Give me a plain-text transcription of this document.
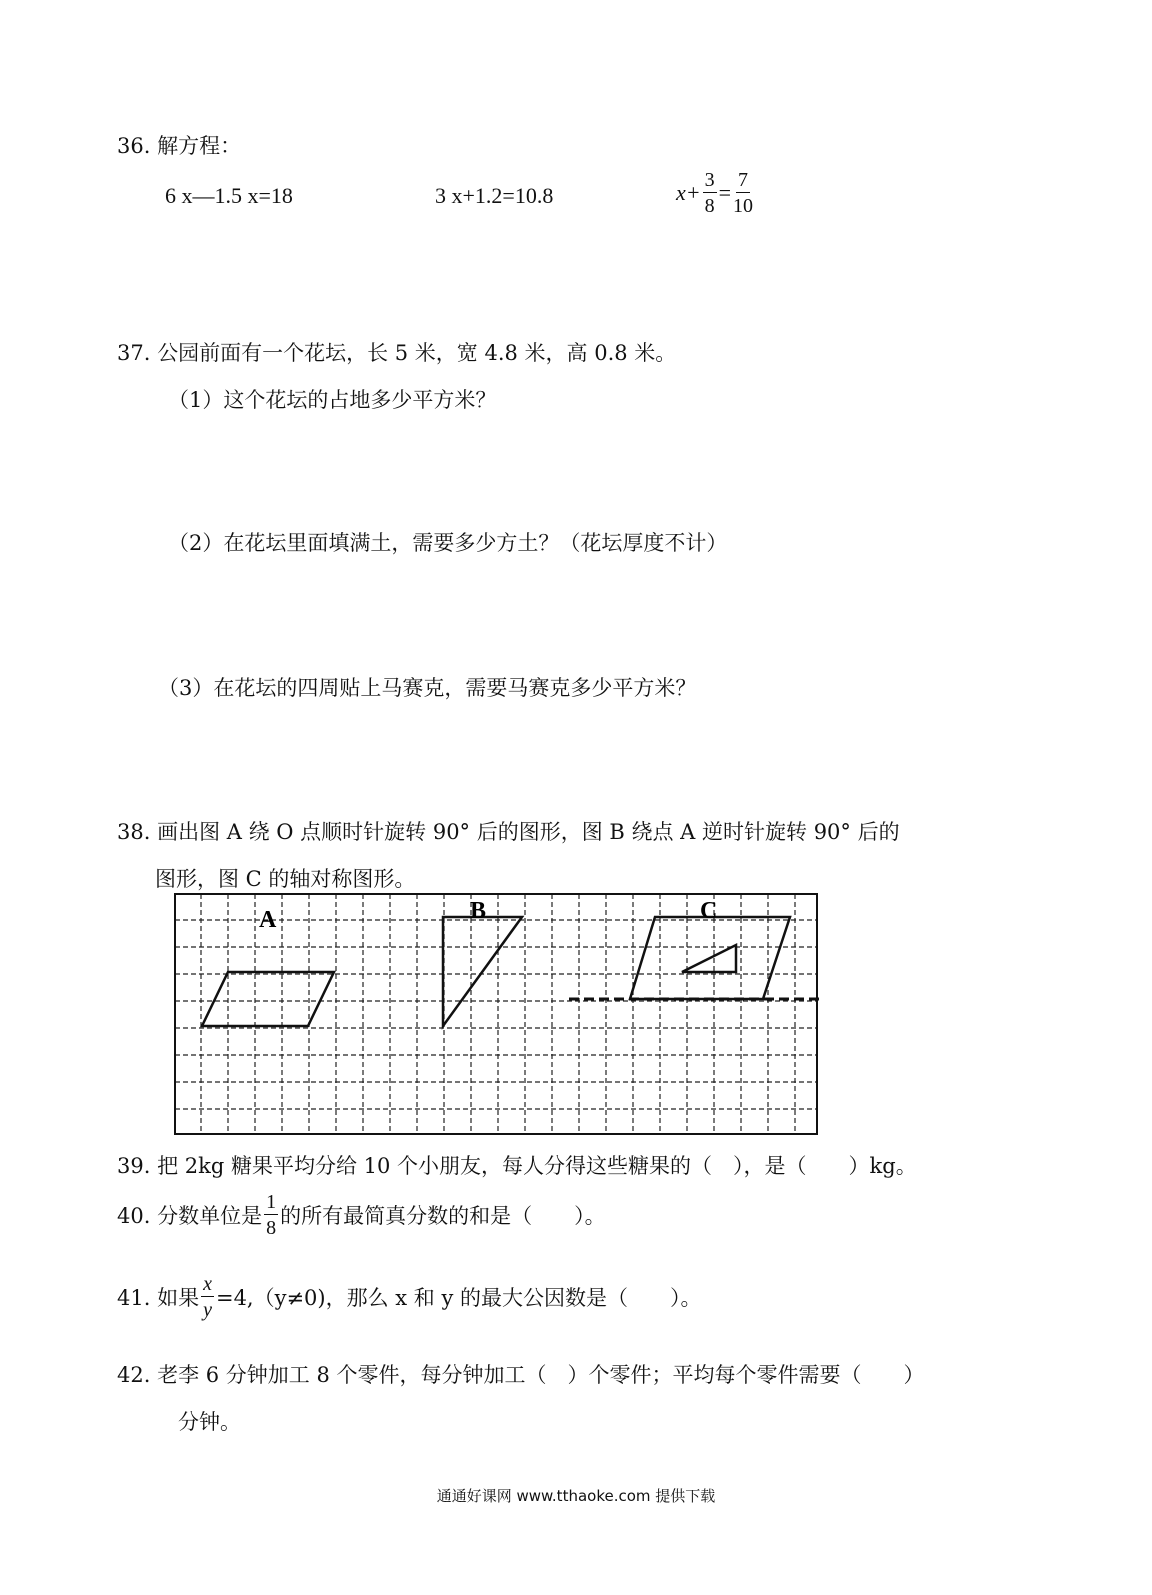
36. 解方程：
6 x—1.5 x=18	3 x+1.2=10.8	$x+ \frac{3}{8} = \frac{7}{10}$
37. 公园前面有一个花坛，长 5 米，宽 4.8 米，高 0.8 米。
（1）这个花坛的占地多少平方米？
（2）在花坛里面填满土，需要多少方土？（花坛厚度不计）
（3）在花坛的四周贴上马赛克，需要马赛克多少平方米？
38. 画出图 A 绕 O 点顺时针旋转 90° 后的图形，图 B 绕点 A 逆时针旋转 90° 后的
图形，图 C 的轴对称图形。
A	B	C
39. 把 2kg 糖果平均分给 10 个小朋友，每人分得这些糖果的（　），是（　　）kg。
40. 分数单位是 $\frac{1}{8}$ 的所有最简真分数的和是（　　）。
41. 如果 $\frac{x}{y} =4,(y\ne 0)$，那么 x 和 y 的最大公因数是（　　）。
42. 老李 6 分钟加工 8 个零件，每分钟加工（　）个零件；平均每个零件需要（　　）
分钟。
通通好课网 www.tthaoke.com 提供下载
